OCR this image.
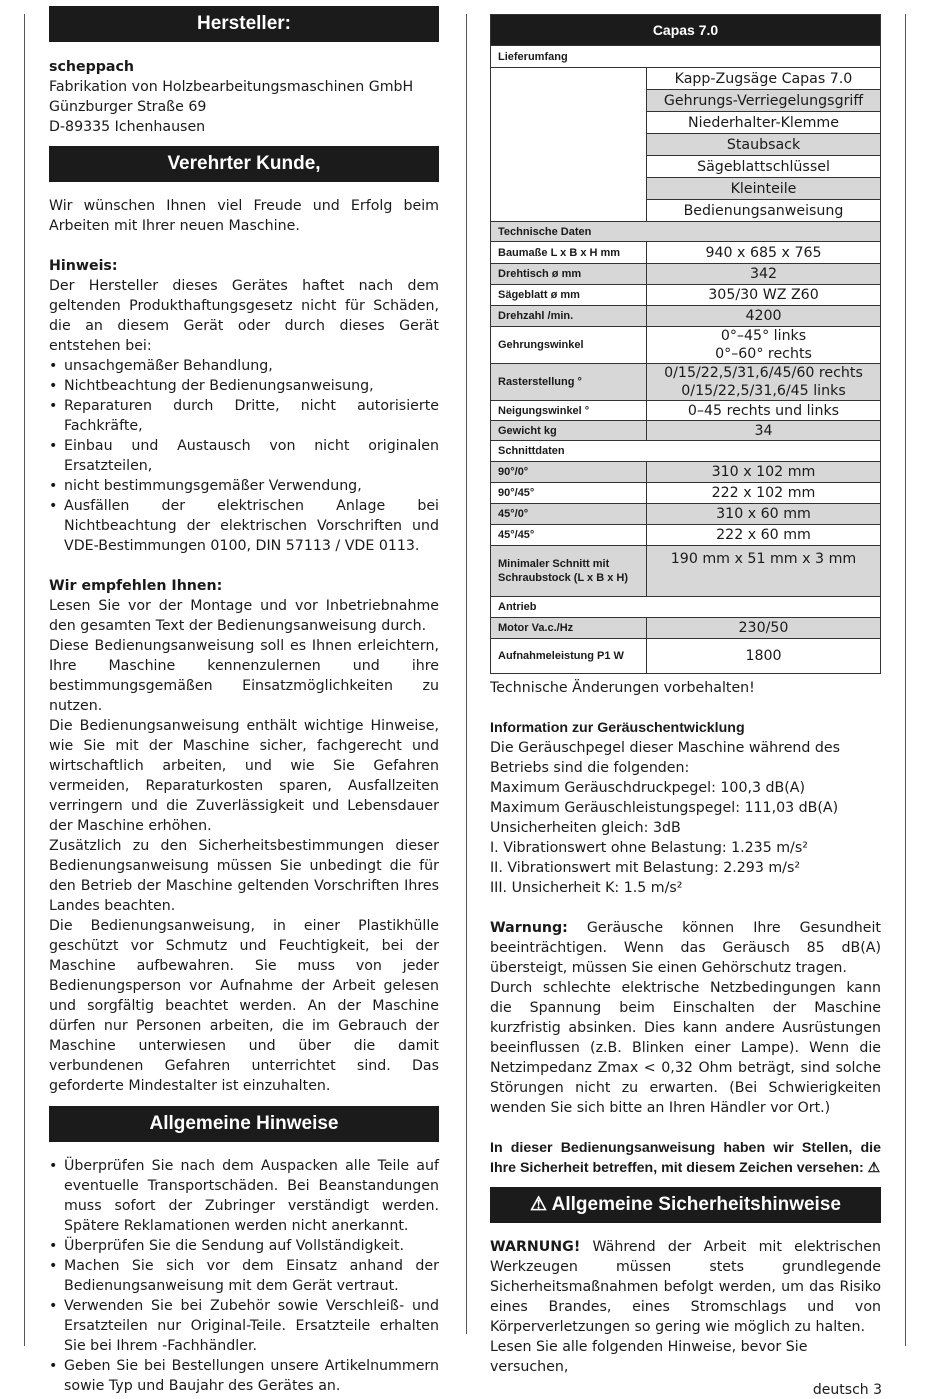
Hersteller:
scheppach
Fabrikation von Holzbearbeitungsmaschinen GmbH
Günzburger Straße 69
D-89335 Ichenhausen
Verehrter Kunde,
Wir wünschen Ihnen viel Freude und Erfolg beim Arbeiten mit Ihrer neuen Maschine.
Hinweis:
Der Hersteller dieses Gerätes haftet nach dem geltenden Produkthaftungsgesetz nicht für Schäden, die an diesem Gerät oder durch dieses Gerät entstehen bei:
• unsachgemäßer Behandlung,
• Nichtbeachtung der Bedienungsanweisung,
• Reparaturen durch Dritte, nicht autorisierte Fachkräfte,
• Einbau und Austausch von nicht originalen Ersatzteilen,
• nicht bestimmungsgemäßer Verwendung,
• Ausfällen der elektrischen Anlage bei Nichtbeachtung der elektrischen Vorschriften und VDE-Bestimmungen 0100, DIN 57113 / VDE 0113.
Wir empfehlen Ihnen:
Lesen Sie vor der Montage und vor Inbetriebnahme den gesamten Text der Bedienungsanweisung durch.
Diese Bedienungsanweisung soll es Ihnen erleichtern, Ihre Maschine kennenzulernen und ihre bestimmungsgemäßen Einsatzmöglichkeiten zu nutzen.
Die Bedienungsanweisung enthält wichtige Hinweise, wie Sie mit der Maschine sicher, fachgerecht und wirtschaftlich arbeiten, und wie Sie Gefahren vermeiden, Reparaturkosten sparen, Ausfallzeiten verringern und die Zuverlässigkeit und Lebensdauer der Maschine erhöhen.
Zusätzlich zu den Sicherheitsbestimmungen dieser Bedienungsanweisung müssen Sie unbedingt die für den Betrieb der Maschine geltenden Vorschriften Ihres Landes beachten.
Die Bedienungsanweisung, in einer Plastikhülle geschützt vor Schmutz und Feuchtigkeit, bei der Maschine aufbewahren. Sie muss von jeder Bedienungsperson vor Aufnahme der Arbeit gelesen und sorgfältig beachtet werden. An der Maschine dürfen nur Personen arbeiten, die im Gebrauch der Maschine unterwiesen und über die damit verbundenen Gefahren unterrichtet sind. Das geforderte Mindestalter ist einzuhalten.
Allgemeine Hinweise
• Überprüfen Sie nach dem Auspacken alle Teile auf eventuelle Transportschäden. Bei Beanstandungen muss sofort der Zubringer verständigt werden. Spätere Reklamationen werden nicht anerkannt.
• Überprüfen Sie die Sendung auf Vollständigkeit.
• Machen Sie sich vor dem Einsatz anhand der Bedienungsanweisung mit dem Gerät vertraut.
• Verwenden Sie bei Zubehör sowie Verschleiß- und Ersatzteilen nur Original-Teile. Ersatzteile erhalten Sie bei Ihrem -Fachhändler.
• Geben Sie bei Bestellungen unsere Artikelnummern sowie Typ und Baujahr des Gerätes an.
Capas 7.0	
Lieferumfang	
	Kapp-Zugsäge Capas 7.0
	Gehrungs-Verriegelungsgriff
	Niederhalter-Klemme
	Staubsack
	Sägeblattschlüssel
	Kleinteile
	Bedienungsanweisung
Technische Daten	
Baumaße L x B x H mm	940 x 685 x 765
Drehtisch ø mm	342
Sägeblatt ø mm	305/30 WZ Z60
Drehzahl /min.	4200
Gehrungswinkel	0°–45° links
0°–60° rechts

Rasterstellung °	0/15/22,5/31,6/45/60 rechts
0/15/22,5/31,6/45 links

Neigungswinkel °	0–45 rechts und links
Gewicht kg	34
Schnittdaten	
90°/0°	310 x 102 mm
90°/45°	222 x 102 mm
45°/0°	310 x 60 mm
45°/45°	222 x 60 mm
Minimaler Schnitt mit Schraubstock (L x B x H)	190 mm x 51 mm x 3 mm
Antrieb	
Motor Va.c./Hz	230/50
Aufnahmeleistung P1 W	1800
Technische Änderungen vorbehalten!
Information zur Geräuschentwicklung
Die Geräuschpegel dieser Maschine während des Betriebs sind die folgenden:
Maximum Geräuschdruckpegel: 100,3 dB(A)
Maximum Geräuschleistungspegel: 111,03 dB(A)
Unsicherheiten gleich: 3dB
I. Vibrationswert ohne Belastung: 1.235 m/s²
II. Vibrationswert mit Belastung: 2.293 m/s²
III. Unsicherheit K: 1.5 m/s²
Warnung: Geräusche können Ihre Gesundheit beeinträchtigen. Wenn das Geräusch 85 dB(A) übersteigt, müssen Sie einen Gehörschutz tragen.
Durch schlechte elektrische Netzbedingungen kann die Spannung beim Einschalten der Maschine kurzfristig absinken. Dies kann andere Ausrüstungen beeinflussen (z.B. Blinken einer Lampe). Wenn die Netzimpedanz Zmax < 0,32 Ohm beträgt, sind solche Störungen nicht zu erwarten. (Bei Schwierigkeiten wenden Sie sich bitte an Ihren Händler vor Ort.)
In dieser Bedienungsanweisung haben wir Stellen, die Ihre Sicherheit betreffen, mit diesem Zeichen versehen: ⚠
⚠ Allgemeine Sicherheitshinweise
WARNUNG! Während der Arbeit mit elektrischen Werkzeugen müssen stets grundlegende Sicherheitsmaßnahmen befolgt werden, um das Risiko eines Brandes, eines Stromschlags und von Körperverletzungen so gering wie möglich zu halten.
Lesen Sie alle folgenden Hinweise, bevor Sie versuchen,
deutsch 3
